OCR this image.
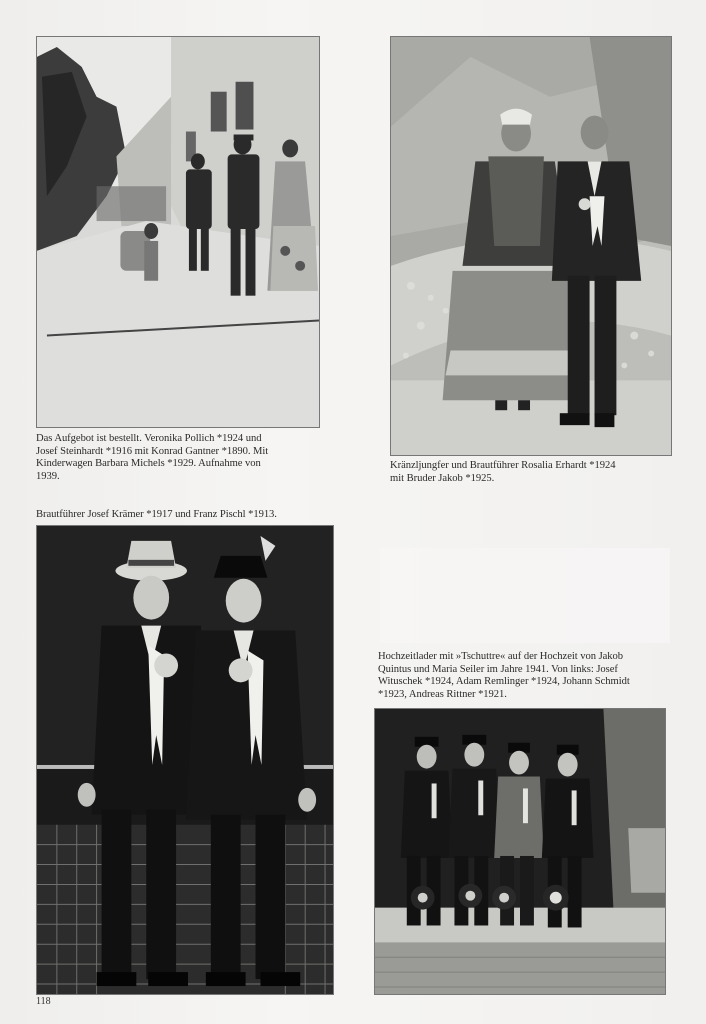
Das Aufgebot ist bestellt. Veronika Pollich *1924 und
Josef Steinhardt *1916 mit Konrad Gantner *1890. Mit
Kinderwagen Barbara Michels *1929. Aufnahme von
1939.
Kränzljungfer und Brautführer Rosalia Erhardt *1924
mit Bruder Jakob *1925.
Brautführer Josef Krämer *1917 und Franz Pischl *1913.
Hochzeitlader mit »Tschuttre« auf der Hochzeit von Jakob
Quintus und Maria Seiler im Jahre 1941. Von links: Josef
Wituschek *1924, Adam Remlinger *1924, Johann Schmidt
*1923, Andreas Rittner *1921.
118
